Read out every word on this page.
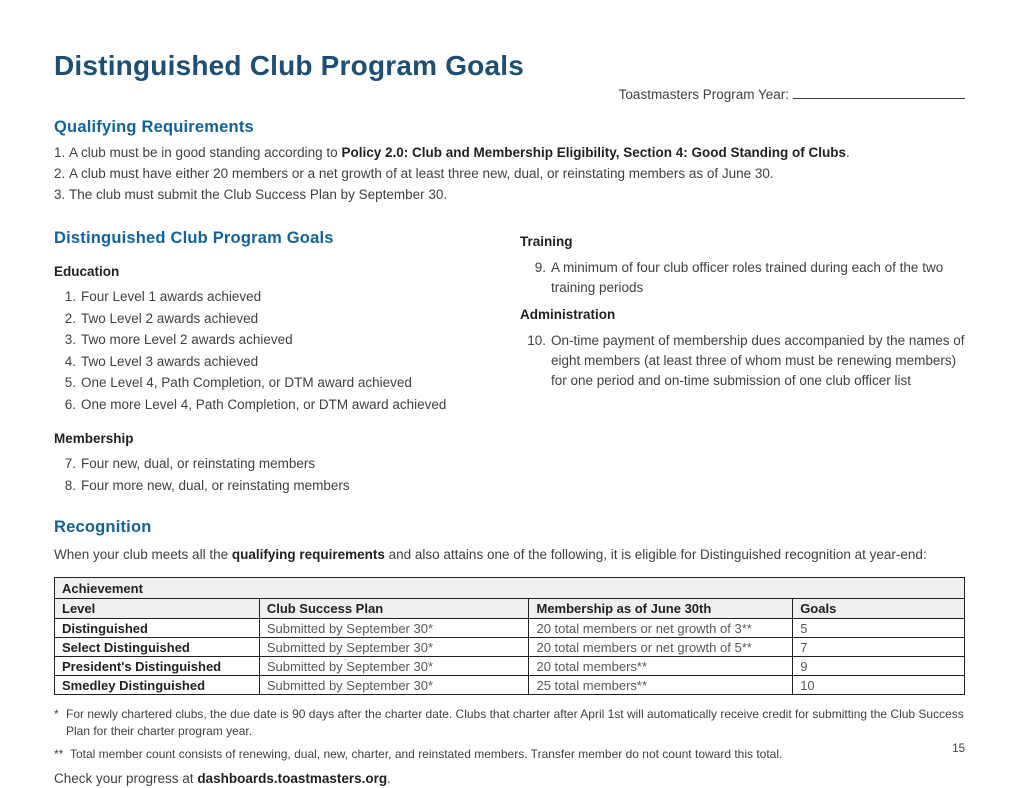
Distinguished Club Program Goals
Toastmasters Program Year:
Qualifying Requirements
1. A club must be in good standing according to Policy 2.0: Club and Membership Eligibility, Section 4: Good Standing of Clubs.
2. A club must have either 20 members or a net growth of at least three new, dual, or reinstating members as of June 30.
3. The club must submit the Club Success Plan by September 30.
Distinguished Club Program Goals
Education
1. Four Level 1 awards achieved
2. Two Level 2 awards achieved
3. Two more Level 2 awards achieved
4. Two Level 3 awards achieved
5. One Level 4, Path Completion, or DTM award achieved
6. One more Level 4, Path Completion, or DTM award achieved
Membership
7. Four new, dual, or reinstating members
8. Four more new, dual, or reinstating members
Training
9. A minimum of four club officer roles trained during each of the two training periods
Administration
10. On-time payment of membership dues accompanied by the names of eight members (at least three of whom must be renewing members) for one period and on-time submission of one club officer list
Recognition

When your club meets all the qualifying requirements and also attains one of the following, it is eligible for Distinguished recognition at year-end:

Achievement			
Level	Club Success Plan	Membership as of June 30th	Goals
Distinguished	Submitted by September 30*	20 total members or net growth of 3**	5
Select Distinguished	Submitted by September 30*	20 total members or net growth of 5**	7
President's Distinguished	Submitted by September 30*	20 total members**	9
Smedley Distinguished	Submitted by September 30*	25 total members**	10
* For newly chartered clubs, the due date is 90 days after the charter date. Clubs that charter after April 1st will automatically receive credit for submitting the Club Success Plan for their charter program year.
** Total member count consists of renewing, dual, new, charter, and reinstated members. Transfer member do not count toward this total.
Check your progress at dashboards.toastmasters.org.
15
